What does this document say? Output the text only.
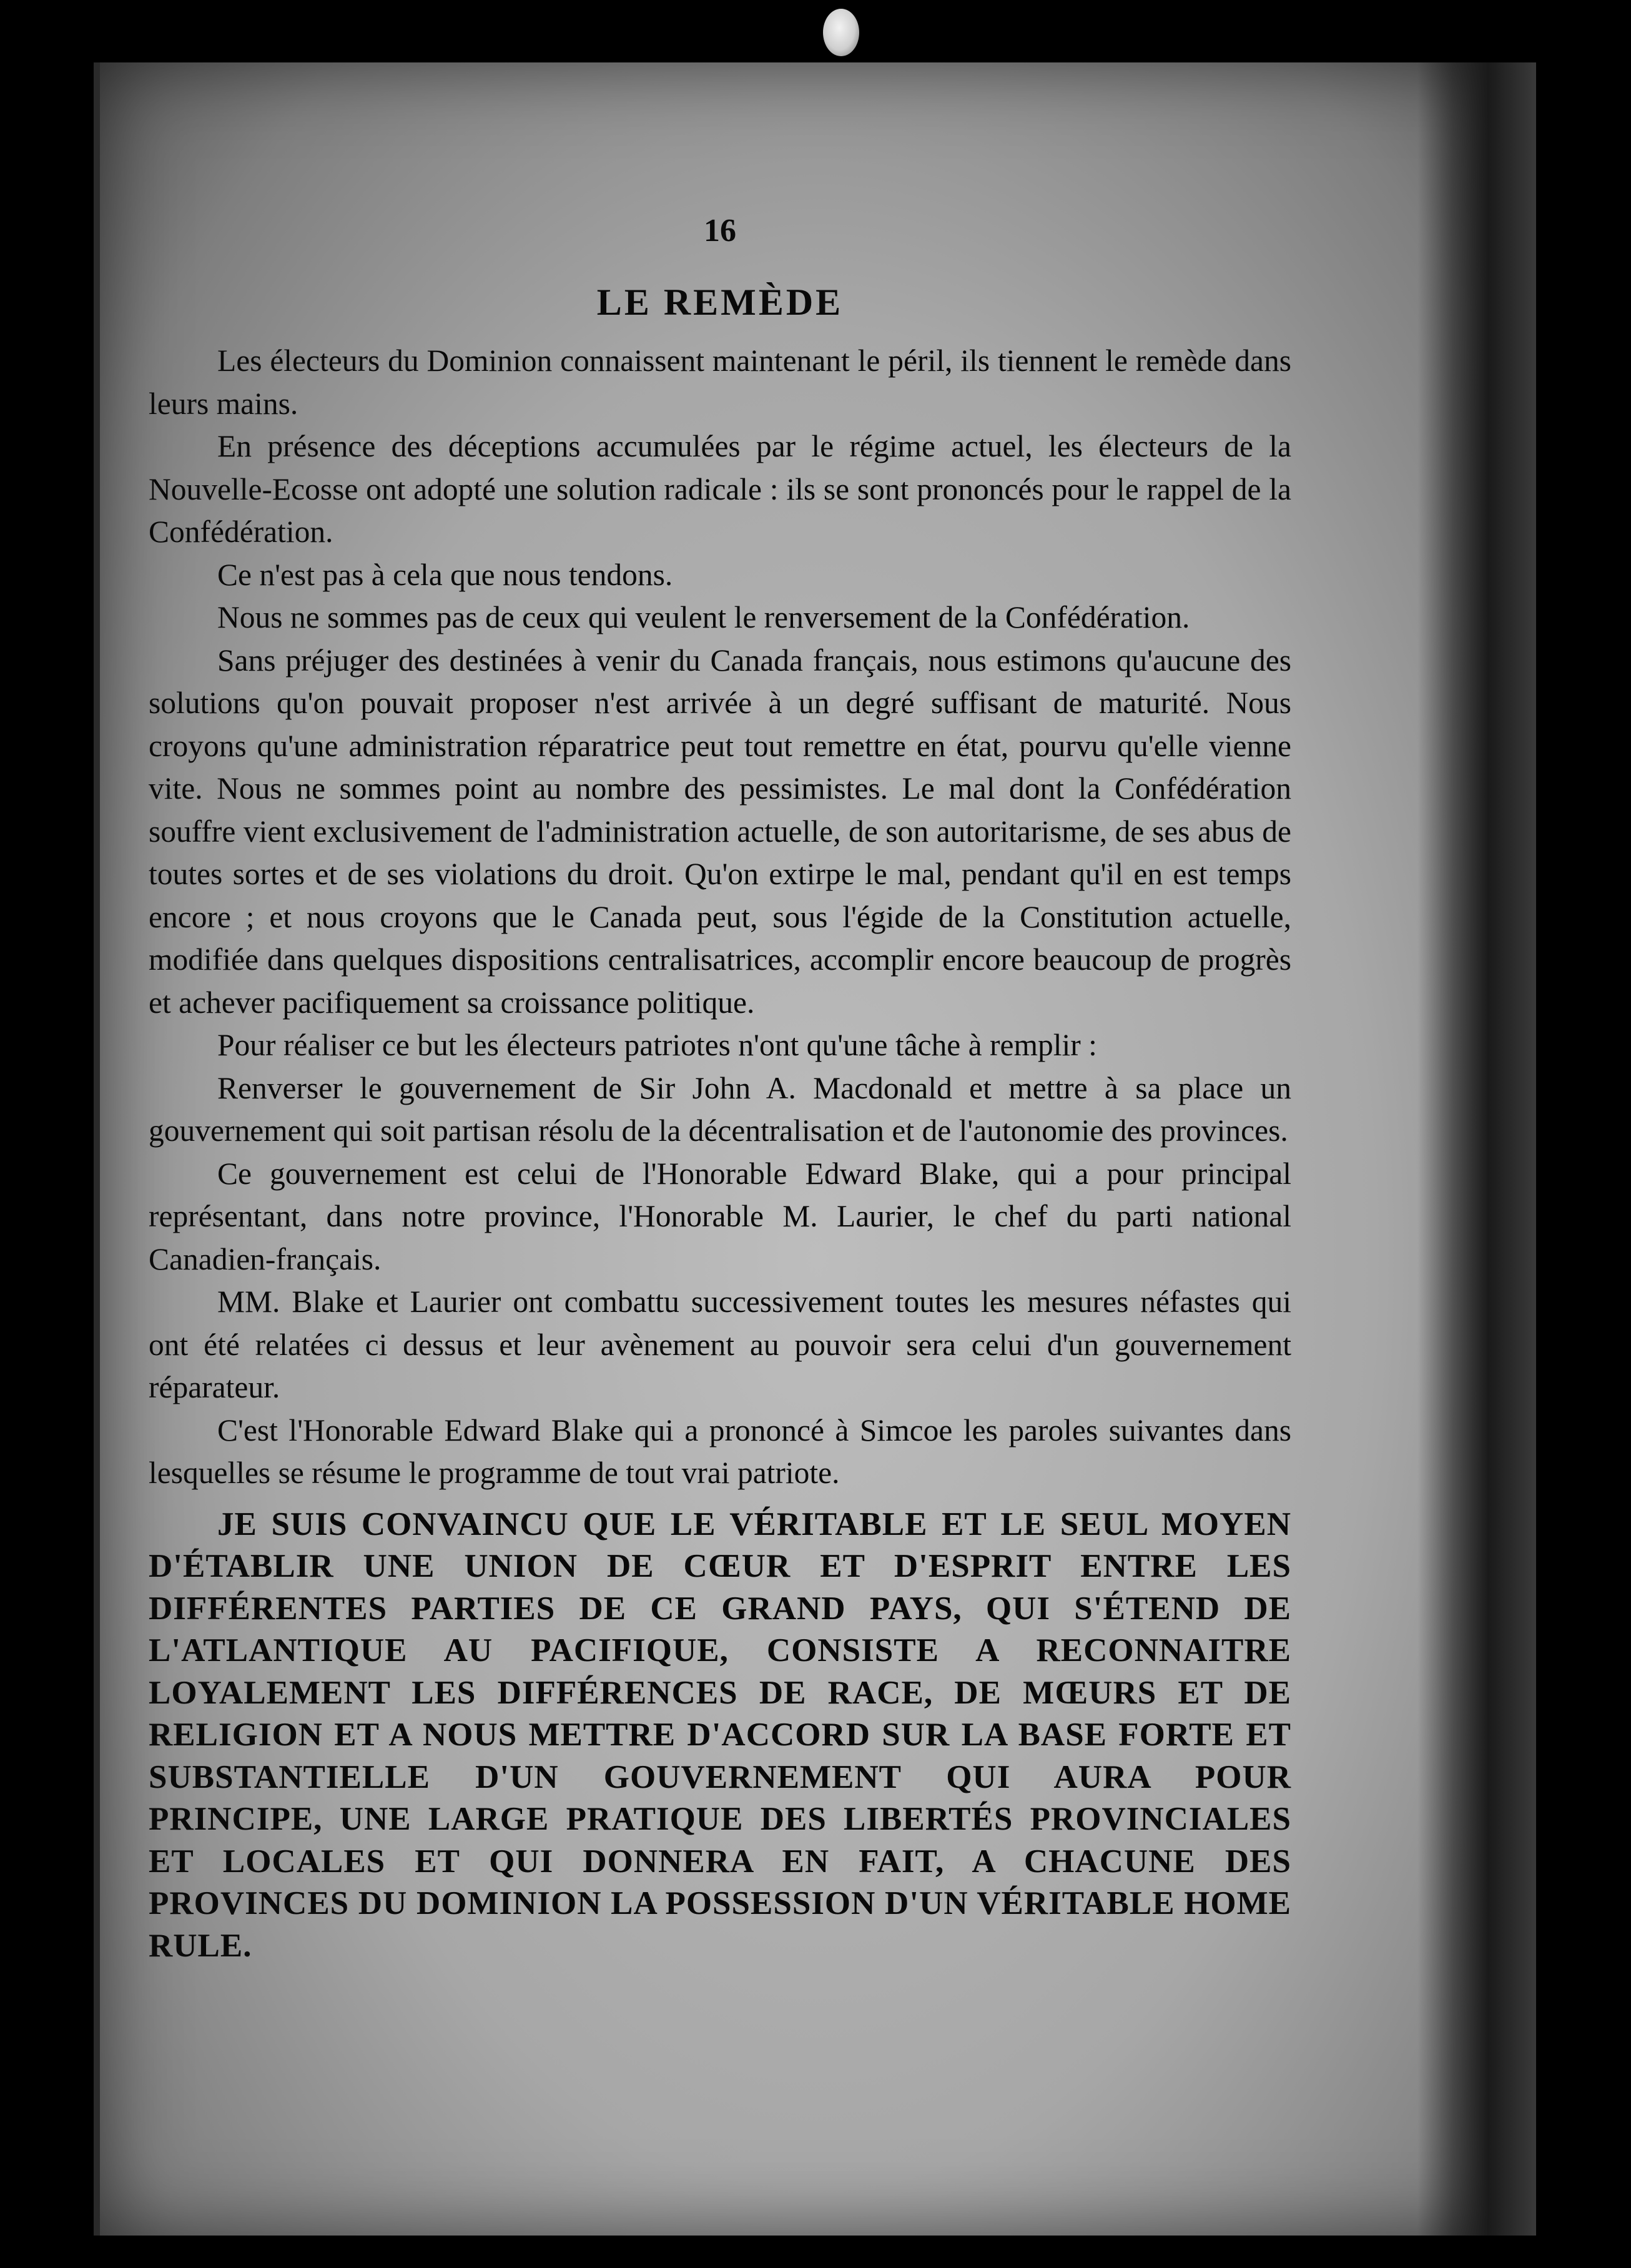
16
LE REMÈDE

Les électeurs du Dominion connaissent maintenant le péril, ils tiennent le remède dans leurs mains.

En présence des déceptions accumulées par le régime actuel, les électeurs de la Nouvelle-Ecosse ont adopté une solution radicale : ils se sont prononcés pour le rappel de la Confédération.

Ce n'est pas à cela que nous tendons.

Nous ne sommes pas de ceux qui veulent le renversement de la Confédération.

Sans préjuger des destinées à venir du Canada français, nous estimons qu'aucune des solutions qu'on pouvait proposer n'est arrivée à un degré suffisant de maturité. Nous croyons qu'une administration réparatrice peut tout remettre en état, pourvu qu'elle vienne vite. Nous ne sommes point au nombre des pessimistes. Le mal dont la Confédération souffre vient exclusivement de l'administration actuelle, de son autoritarisme, de ses abus de toutes sortes et de ses violations du droit. Qu'on extirpe le mal, pendant qu'il en est temps encore ; et nous croyons que le Canada peut, sous l'égide de la Constitution actuelle, modifiée dans quelques dispositions centralisatrices, accomplir encore beaucoup de progrès et achever pacifiquement sa croissance politique.

Pour réaliser ce but les électeurs patriotes n'ont qu'une tâche à remplir :

Renverser le gouvernement de Sir John A. Macdonald et mettre à sa place un gouvernement qui soit partisan résolu de la décentralisation et de l'autonomie des provinces.

Ce gouvernement est celui de l'Honorable Edward Blake, qui a pour principal représentant, dans notre province, l'Honorable M. Laurier, le chef du parti national Canadien-français.

MM. Blake et Laurier ont combattu successivement toutes les mesures néfastes qui ont été relatées ci dessus et leur avènement au pouvoir sera celui d'un gouvernement réparateur.

C'est l'Honorable Edward Blake qui a prononcé à Simcoe les paroles suivantes dans lesquelles se résume le programme de tout vrai patriote.

JE SUIS CONVAINCU QUE LE VÉRITABLE ET LE SEUL MOYEN D'ÉTABLIR UNE UNION DE CŒUR ET D'ESPRIT ENTRE LES DIFFÉRENTES PARTIES DE CE GRAND PAYS, QUI S'ÉTEND DE L'ATLANTIQUE AU PACIFIQUE, CONSISTE A RECONNAITRE LOYALEMENT LES DIFFÉRENCES DE RACE, DE MŒURS ET DE RELIGION ET A NOUS METTRE D'ACCORD SUR LA BASE FORTE ET SUBSTANTIELLE D'UN GOUVERNEMENT QUI AURA POUR PRINCIPE, UNE LARGE PRATIQUE DES LIBERTÉS PROVINCIALES ET LOCALES ET QUI DONNERA EN FAIT, A CHACUNE DES PROVINCES DU DOMINION LA POSSESSION D'UN VÉRITABLE HOME RULE.
